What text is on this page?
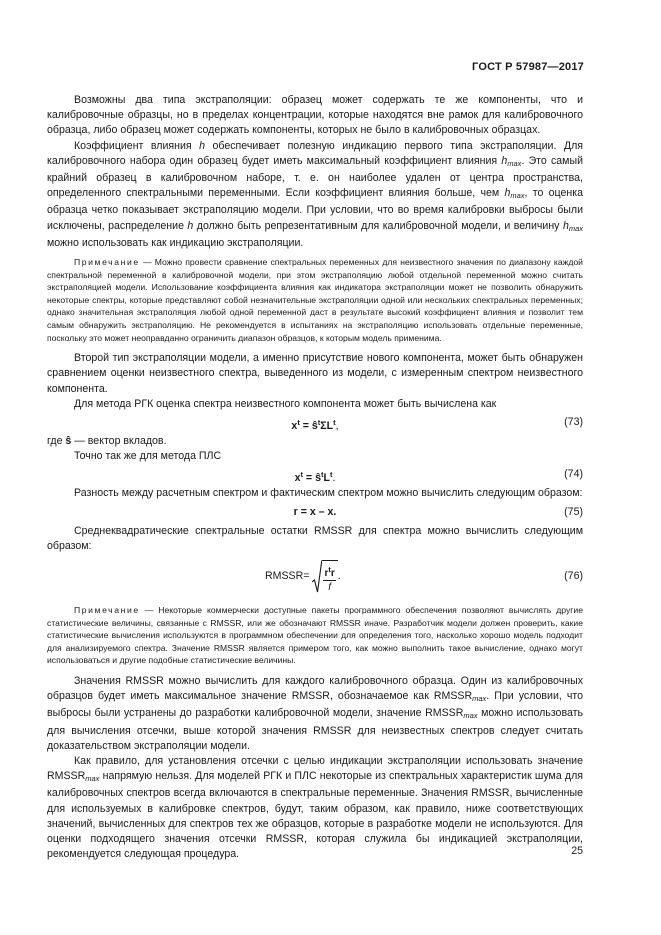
ГОСТ Р 57987—2017

Возможны два типа экстраполяции: образец может содержать те же компоненты, что и калибровочные образцы, но в пределах концентрации, которые находятся вне рамок для калибровочного образца, либо образец может содержать компоненты, которых не было в калибровочных образцах.

Коэффициент влияния h обеспечивает полезную индикацию первого типа экстраполяции. Для калибровочного набора один образец будет иметь максимальный коэффициент влияния $h_{max}$. Это самый крайний образец в калибровочном наборе, т. е. он наиболее удален от центра пространства, определенного спектральными переменными. Если коэффициент влияния больше, чем $h_{max}$, то оценка образца четко показывает экстраполяцию модели. При условии, что во время калибровки выбросы были исключены, распределение h должно быть репрезентативным для калибровочной модели, и величину $h_{max}$ можно использовать как индикацию экстраполяции.

Примечание — Можно провести сравнение спектральных переменных для неизвестного значения по диапазону каждой спектральной переменной в калибровочной модели, при этом экстраполяцию любой отдельной переменной можно считать экстраполяцией модели. Использование коэффициента влияния как индикатора экстраполяции может не позволить обнаружить некоторые спектры, которые представляют собой незначительные экстраполяции одной или нескольких спектральных переменных; однако значительная экстраполяция любой одной переменной даст в результате высокий коэффициент влияния и позволит тем самым обнаружить экстраполяцию. Не рекомендуется в испытаниях на экстраполяцию использовать отдельные переменные, поскольку это может неоправданно ограничить диапазон образцов, к которым модель применима.

Второй тип экстраполяции модели, а именно присутствие нового компонента, может быть обнаружен сравнением оценки неизвестного спектра, выведенного из модели, с измеренным спектром неизвестного компонента.

Для метода РГК оценка спектра неизвестного компонента может быть вычислена как

$x^t$ = $ŝ^t\Sigma L^t$,	(73)

где ŝ — вектор вкладов.

Точно так же для метода ПЛС

$x^t$ = $ŝ^tL^t$.	(74)

Разность между расчетным спектром и фактическим спектром можно вычислить следующим образом:

r = x – x.	(75)

Среднеквадратические спектральные остатки RMSSR для спектра можно вычислить следующим образом:

RMSSR = $\frac{r^tr}{f}$ .	(76)

Примечание — Некоторые коммерчески доступные пакеты программного обеспечения позволяют вычислять другие статистические величины, связанные с RMSSR, или же обозначают RMSSR иначе. Разработчик модели должен проверить, какие статистические вычисления используются в программном обеспечении для определения того, насколько хорошо модель подходит для анализируемого спектра. Значение RMSSR является примером того, как можно выполнить такое вычисление, однако могут использоваться и другие подобные статистические величины.

Значения RMSSR можно вычислить для каждого калибровочного образца. Один из калибровочных образцов будет иметь максимальное значение RMSSR, обозначаемое как $RMSSR_{max}$. При условии, что выбросы были устранены до разработки калибровочной модели, значение $RMSSR_{max}$ можно использовать для вычисления отсечки, выше которой значения RMSSR для неизвестных спектров следует считать доказательством экстраполяции модели.

Как правило, для установления отсечки с целью индикации экстраполяции использовать значение $RMSSR_{max}$ напрямую нельзя. Для моделей РГК и ПЛС некоторые из спектральных характеристик шума для калибровочных спектров всегда включаются в спектральные переменные. Значения RMSSR, вычисленные для используемых в калибровке спектров, будут, таким образом, как правило, ниже соответствующих значений, вычисленных для спектров тех же образцов, которые в разработке модели не используются. Для оценки подходящего значения отсечки RMSSR, которая служила бы индикацией экстраполяции, рекомендуется следующая процедура.	25
